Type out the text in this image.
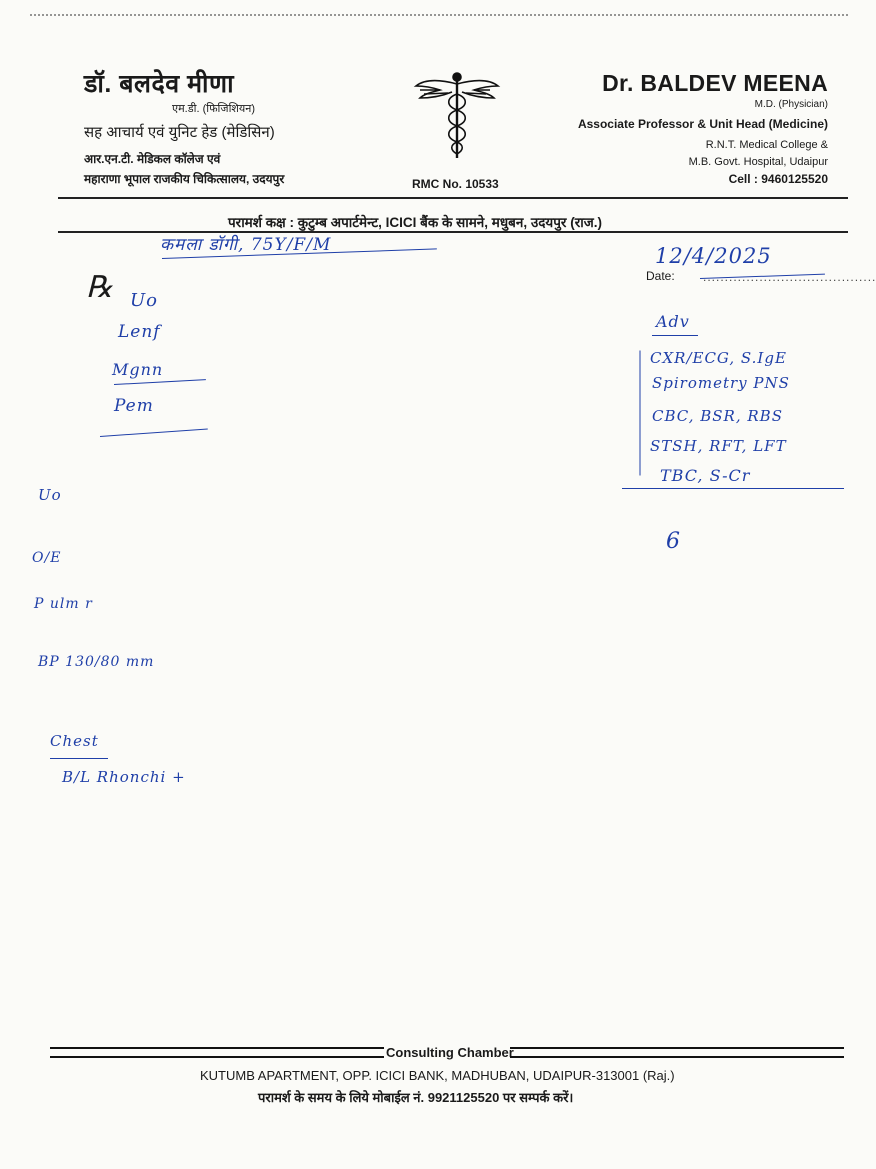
डॉ. बलदेव मीणा
एम.डी. (फिजिशियन)
सह आचार्य एवं युनिट हेड (मेडिसिन)
आर.एन.टी. मेडिकल कॉलेज एवं
महाराणा भूपाल राजकीय चिकित्सालय, उदयपुर	RMC No. 10533
Dr. BALDEV MEENA
M.D. (Physician)
Associate Professor & Unit Head (Medicine)
R.N.T. Medical College &
M.B. Govt. Hospital, Udaipur
Cell : 9460125520
परामर्श कक्ष : कुटुम्ब अपार्टमेन्ट, ICICI बैंक के सामने, मधुबन, उदयपुर (राज.)
Date: ........................................
℞
कमला डॉगी, 75Y/F/M	12/4/2025
Uo
Lenf
Mgnn
Pem
Adv
CXR/ECG, S.IgE
Spirometry PNS
CBC, BSR, RBS
STSH, RFT, LFT
TBC, S-Cr
6
Uo
O/E
P ulm r
BP 130/80 mm
Chest
B/L Rhonchi +
Consulting Chamber
KUTUMB APARTMENT, OPP. ICICI BANK, MADHUBAN, UDAIPUR-313001 (Raj.)
परामर्श के समय के लिये मोबाईल नं. 9921125520 पर सम्पर्क करें।
